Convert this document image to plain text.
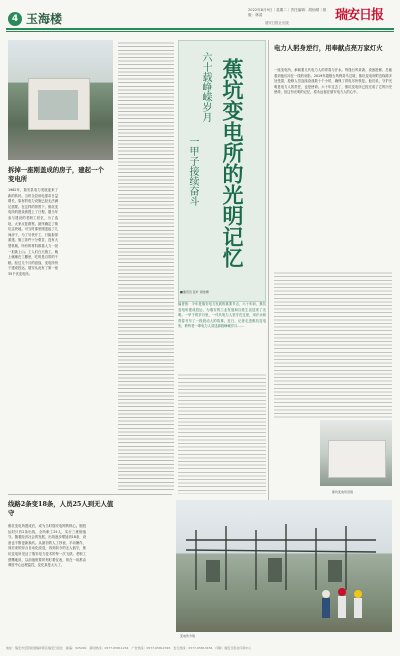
4 玉海楼
2022年8月9日｜星期二｜责任编辑：胡怡晴｜排版：林清	瑞安日报
瑞安日报社出版
拆掉一座刚盖成的房子，建起一个变电所
1962年，瑞安县电力发展迎来了新的转折。当时全县用电需求日益增长，原有的电力设施已经无法满足需要。在这样的背景下，蕉坑变电所的建设被提上了日程。据当年参与建设的老职工回忆，为了选址，大家反复勘察，最终确定了蕉坑这块地。可当时那里刚盖起了几间房子，为了尽快开工，只能拆掉重建。施工条件十分艰苦，没有大型机械，所有的材料都靠人力一担一担挑上山。工人们白天施工，晚上就睡在工棚里，吃的是自带的干粮。经过几个月的奋战，变电所终于建成投运，瑞安从此有了第一座35千伏变电所。
线路2条变18条，人员25人到无人值守
蕉坑变电所建成后，成为当时瑞安电网的核心。刚投运时只有2条出线，全所职工25人，实行三班倒值守。随着经济社会的发展，出线逐步增加到18条，设备也不断更新换代。从最初的人工抄表、手动操作，到后来的综合自动化改造，再到如今的无人值守，蕉坑变电所见证了瑞安电力技术的每一次飞跃。老职工感慨地说，以前值班要时刻盯着仪表，现在一切都由调度中心远程监控，变化真是太大了。
蕉坑变电所的光明记忆
六十载峥嵘岁月
一甲子接续奋斗
■通讯员 张叶 胡怡晴
编者按：今年是瑞安电力发展的重要节点，六十年前，蕉坑变电所建成投运，为瑞安的工业发展和百姓生活送来了光明。一甲子的岁月里，一代代电力人坚守在这里，用汗水和青春书写了一段段动人的故事。近日，记者走进蕉坑变电所，聆听老一辈电力人讲述那段峥嵘岁月……
电力人躬身逆行，用奉献点亮万家灯火
一座变电所，承载着几代电力人的青春与汗水。每逢台风来袭、设备抢修，总能看到他们冲在一线的身影。2019年超强台风利奇马过境，蕉坑变电所附近线路多处受损，抢修人员连续奋战数十个小时，确保了供电尽快恢复。他们说，守护光明是电力人的责任，也是使命。六十年过去了，蕉坑变电所已经完成了它的历史使命，但这份光明的记忆，将永远留在瑞安电力人的心中。
蕉坑变电所旧貌
变电所今貌
地址：瑞安市安阳街道瑞祥新区瑞安日报社　邮编：325200　新闻热线：0577-65811234　广告热线：0577-65812345　发行热线：0577-65813456　印刷：瑞安日报社印务中心
